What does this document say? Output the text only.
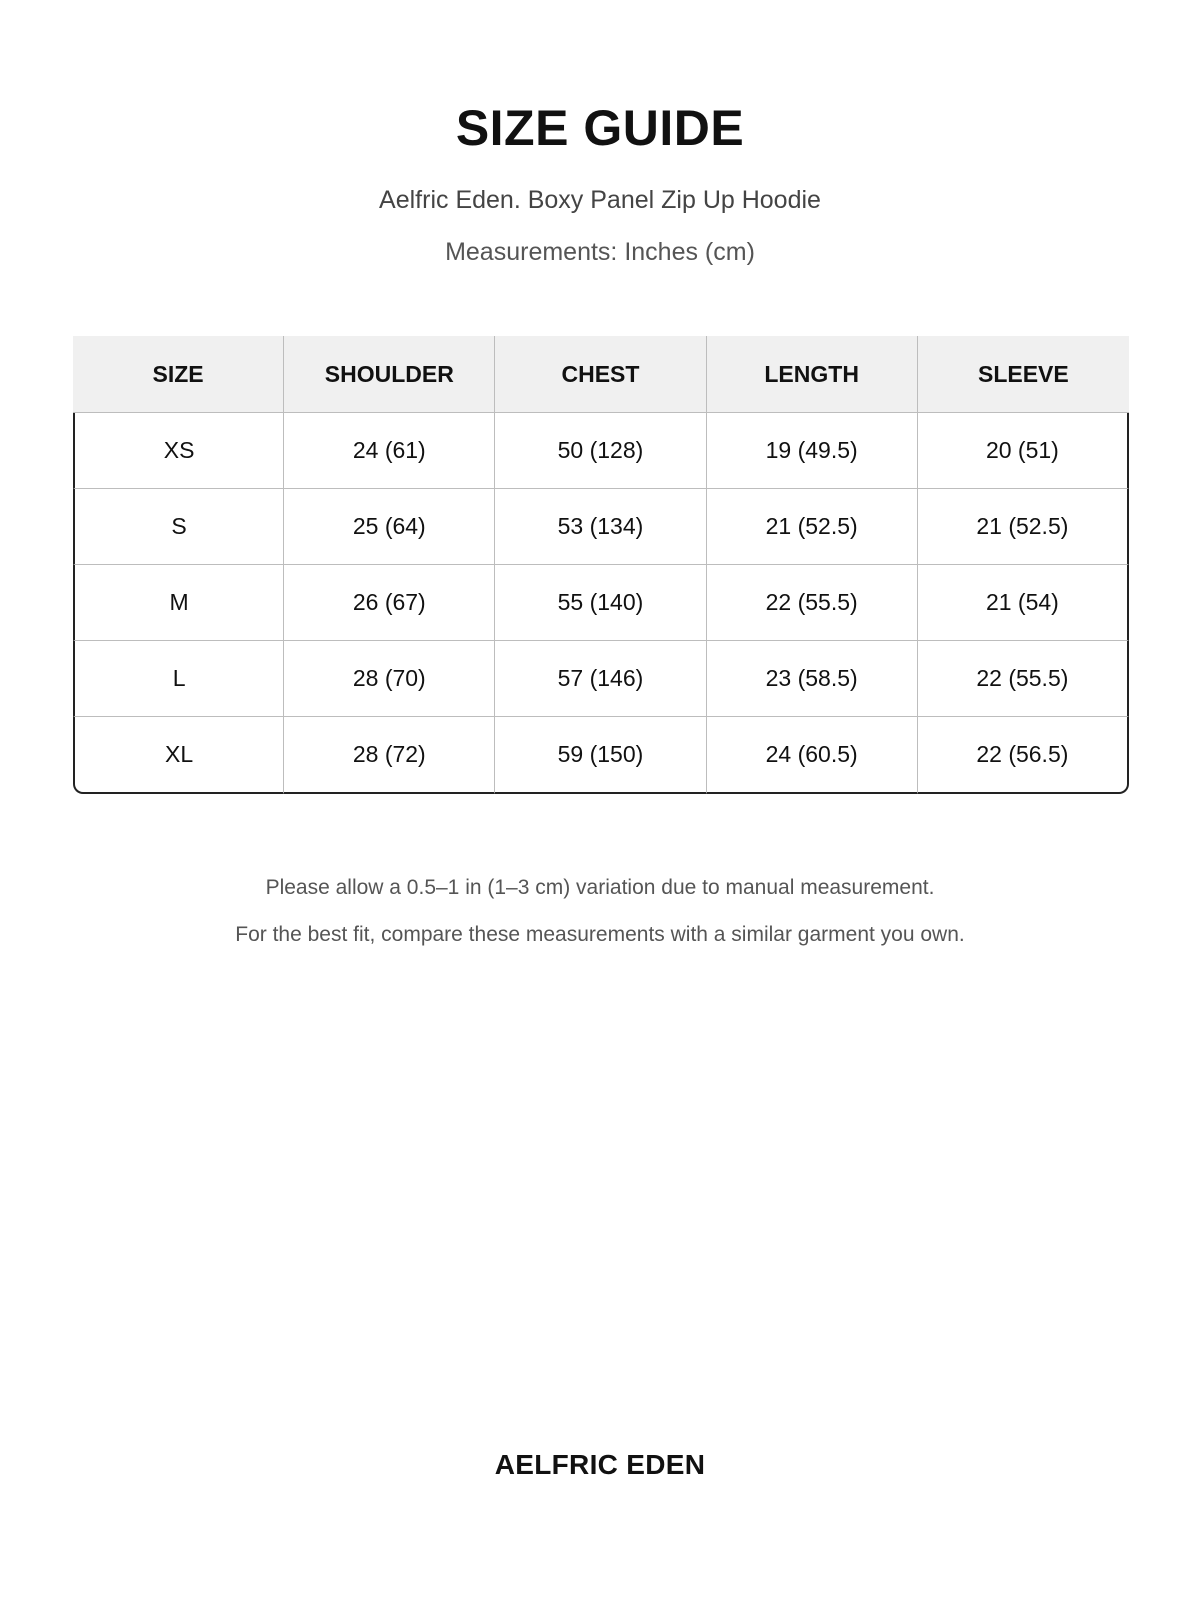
SIZE GUIDE
Aelfric Eden. Boxy Panel Zip Up Hoodie
Measurements: Inches (cm)
SIZE	SHOULDER	CHEST	LENGTH	SLEEVE
XS	24 (61)	50 (128)	19 (49.5)	20 (51)
S	25 (64)	53 (134)	21 (52.5)	21 (52.5)
M	26 (67)	55 (140)	22 (55.5)	21 (54)
L	28 (70)	57 (146)	23 (58.5)	22 (55.5)
XL	28 (72)	59 (150)	24 (60.5)	22 (56.5)
Please allow a 0.5–1 in (1–3 cm) variation due to manual measurement.
For the best fit, compare these measurements with a similar garment you own.
AELFRIC EDEN
